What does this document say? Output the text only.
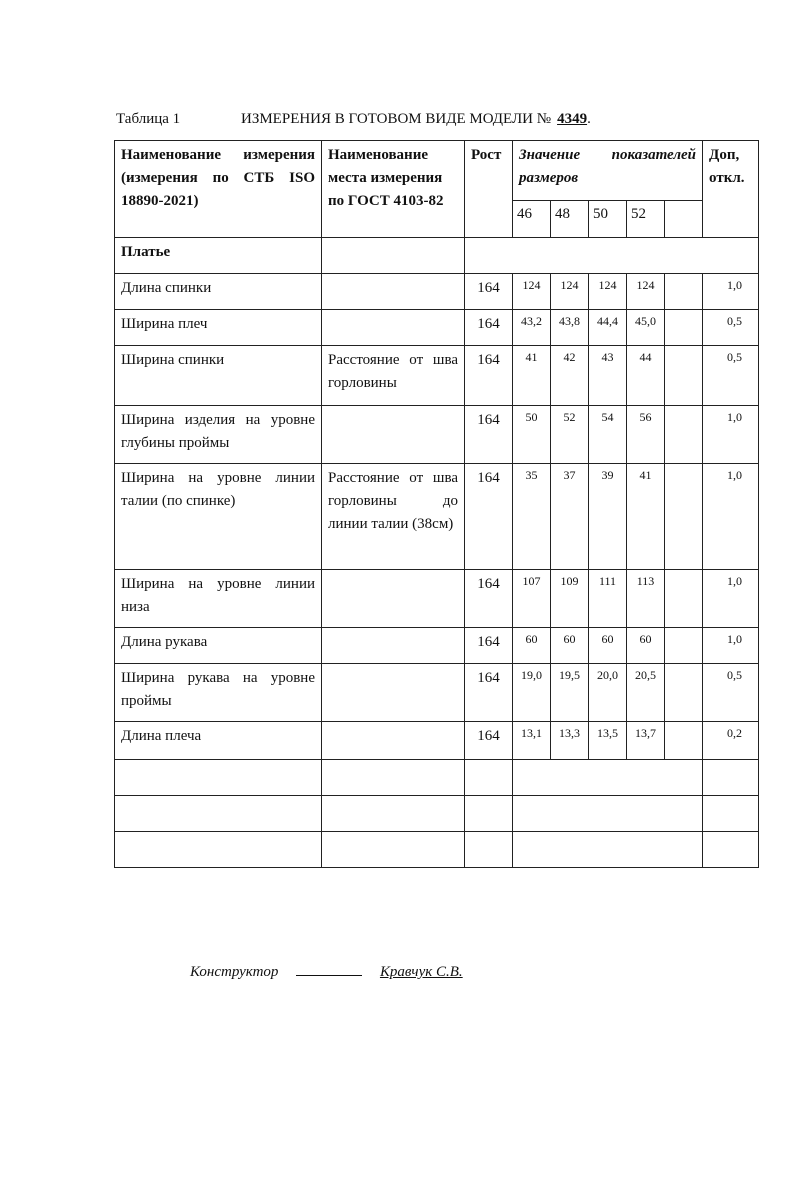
Таблица 1	ИЗМЕРЕНИЯ В ГОТОВОМ ВИДЕ МОДЕЛИ № 4349.
Наименование измерения (измерения по СТБ ISO 18890-2021)	Наименование места измерения по ГОСТ 4103-82	Рост	Значение показателей размеров					Доп, откл.
			46	48	50	52		
Платье								
Длина спинки		164	124	124	124	124		1,0
Ширина плеч		164	43,2	43,8	44,4	45,0		0,5
Ширина спинки	Расстояние от шва горловины	164	41	42	43	44		0,5
Ширина изделия на уровне глубины проймы		164	50	52	54	56		1,0
Ширина на уровне линии талии (по спинке)	Расстояние от шва горловины до линии талии (38см)	164	35	37	39	41		1,0
Ширина на уровне линии низа		164	107	109	111	113		1,0
Длина рукава		164	60	60	60	60		1,0
Ширина рукава на уровне проймы		164	19,0	19,5	20,0	20,5		0,5
Длина плеча		164	13,1	13,3	13,5	13,7		0,2

Конструктор	Кравчук С.В.
